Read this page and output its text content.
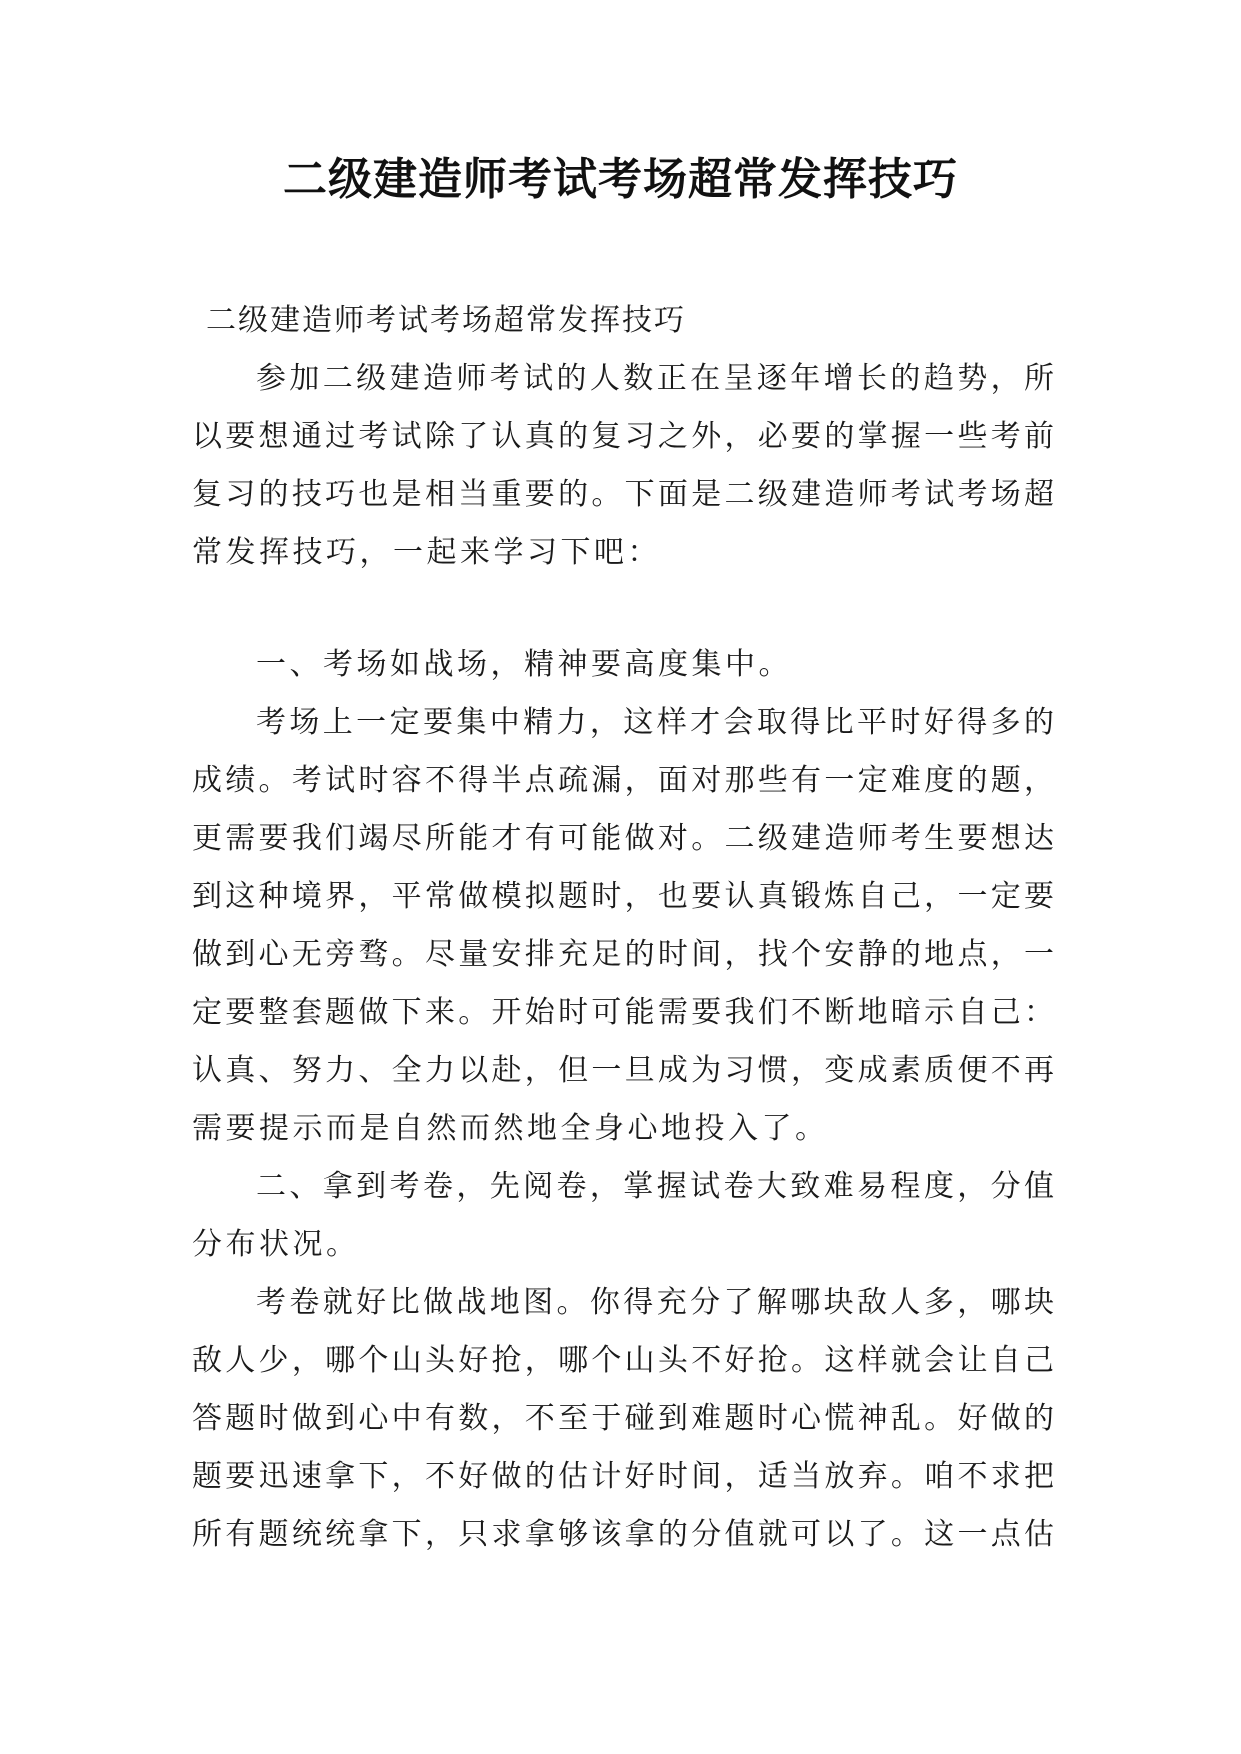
二级建造师考试考场超常发挥技巧
二级建造师考试考场超常发挥技巧
参加二级建造师考试的人数正在呈逐年增长的趋势，所
以要想通过考试除了认真的复习之外，必要的掌握一些考前
复习的技巧也是相当重要的。下面是二级建造师考试考场超
常发挥技巧，一起来学习下吧：
一、考场如战场，精神要高度集中。
考场上一定要集中精力，这样才会取得比平时好得多的
成绩。考试时容不得半点疏漏，面对那些有一定难度的题，
更需要我们竭尽所能才有可能做对。二级建造师考生要想达
到这种境界，平常做模拟题时，也要认真锻炼自己，一定要
做到心无旁骛。尽量安排充足的时间，找个安静的地点，一
定要整套题做下来。开始时可能需要我们不断地暗示自己：
认真、努力、全力以赴，但一旦成为习惯，变成素质便不再
需要提示而是自然而然地全身心地投入了。
二、拿到考卷，先阅卷，掌握试卷大致难易程度，分值
分布状况。
考卷就好比做战地图。你得充分了解哪块敌人多，哪块
敌人少，哪个山头好抢，哪个山头不好抢。这样就会让自己
答题时做到心中有数，不至于碰到难题时心慌神乱。好做的
题要迅速拿下，不好做的估计好时间，适当放弃。咱不求把
所有题统统拿下，只求拿够该拿的分值就可以了。这一点估
